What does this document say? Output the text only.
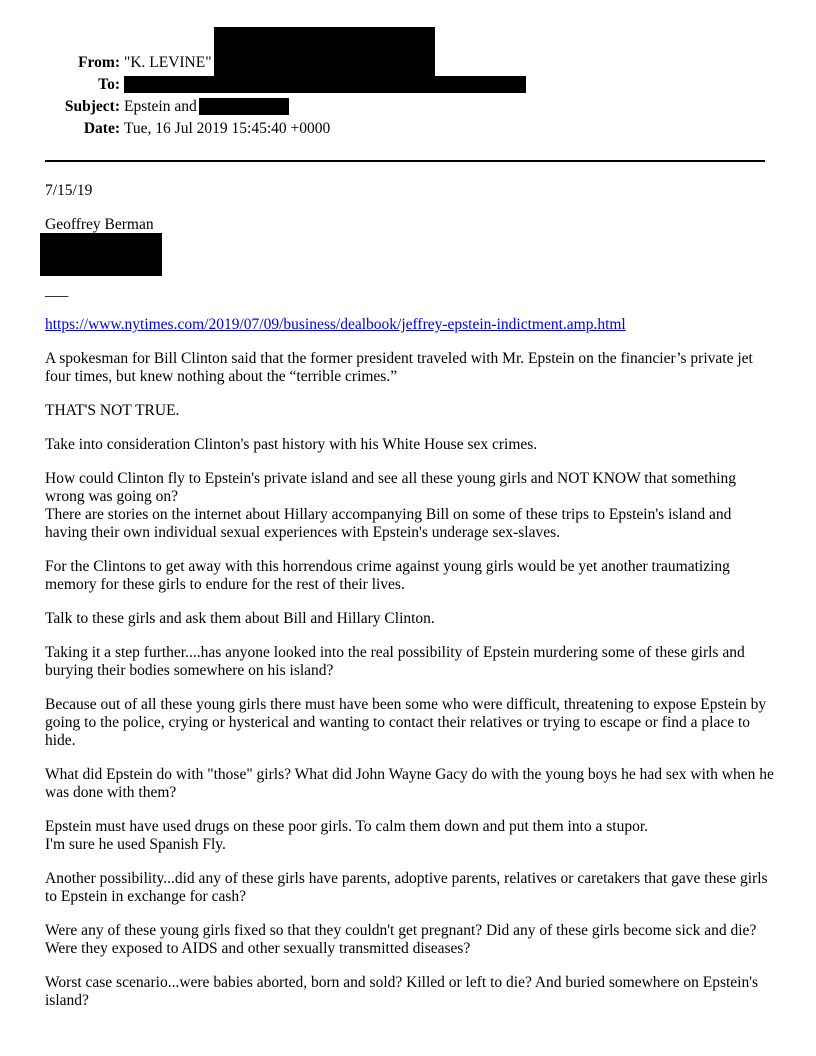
From: "K. LEVINE"
To:
Subject: Epstein and
Date: Tue, 16 Jul 2019 15:45:40 +0000

7/15/19

Geoffrey Berman

___

https://www.nytimes.com/2019/07/09/business/dealbook/jeffrey-epstein-indictment.amp.html

A spokesman for Bill Clinton said that the former president traveled with Mr. Epstein on the financier’s private jet four times, but knew nothing about the “terrible crimes.”

THAT'S NOT TRUE.

Take into consideration Clinton's past history with his White House sex crimes.

How could Clinton fly to Epstein's private island and see all these young girls and NOT KNOW that something wrong was going on?
There are stories on the internet about Hillary accompanying Bill on some of these trips to Epstein's island and having their own individual sexual experiences with Epstein's underage sex-slaves.

For the Clintons to get away with this horrendous crime against young girls would be yet another traumatizing memory for these girls to endure for the rest of their lives.

Talk to these girls and ask them about Bill and Hillary Clinton.

Taking it a step further....has anyone looked into the real possibility of Epstein murdering some of these girls and burying their bodies somewhere on his island?

Because out of all these young girls there must have been some who were difficult, threatening to expose Epstein by going to the police, crying or hysterical and wanting to contact their relatives or trying to escape or find a place to hide.

What did Epstein do with "those" girls? What did John Wayne Gacy do with the young boys he had sex with when he was done with them?

Epstein must have used drugs on these poor girls. To calm them down and put them into a stupor.
I'm sure he used Spanish Fly.

Another possibility...did any of these girls have parents, adoptive parents, relatives or caretakers that gave these girls to Epstein in exchange for cash?

Were any of these young girls fixed so that they couldn't get pregnant? Did any of these girls become sick and die? Were they exposed to AIDS and other sexually transmitted diseases?

Worst case scenario...were babies aborted, born and sold? Killed or left to die? And buried somewhere on Epstein's island?
